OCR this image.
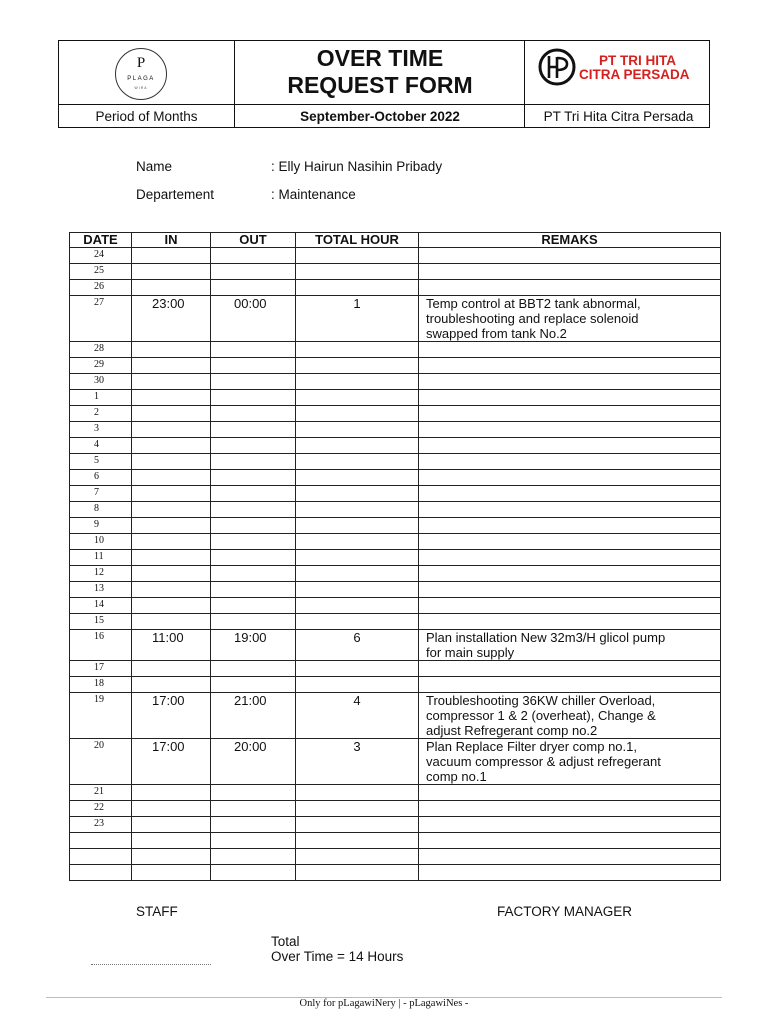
P
PLAGA
WIRA
OVER TIME
REQUEST FORM
PT TRI HITA
CITRA PERSADA
Period of Months	September-October 2022	PT Tri Hita Citra Persada
Name	: Elly Hairun Nasihin Pribady
Departement	: Maintenance
DATE	IN	OUT	TOTAL HOUR	REMAKS
24				
25				
26				
27	23:00	00:00	1	Temp control at BBT2 tank abnormal,
troubleshooting and replace solenoid
swapped from tank No.2
28				
29				
30				
1				
2				
3				
4				
5				
6				
7				
8				
9				
10				
11				
12				
13				
14				
15				
16	11:00	19:00	6	Plan installation New 32m3/H glicol pump
for main supply
17				
18				
19	17:00	21:00	4	Troubleshooting 36KW chiller Overload,
compressor 1 & 2 (overheat), Change &
adjust Refregerant comp no.2
20	17:00	20:00	3	Plan Replace Filter dryer comp no.1,
vacuum compressor & adjust refregerant
comp no.1
21				
22				
23				

STAFF	FACTORY MANAGER
Total
Over Time = 14 Hours
Only for pLagawiNery | - pLagawiNes -
